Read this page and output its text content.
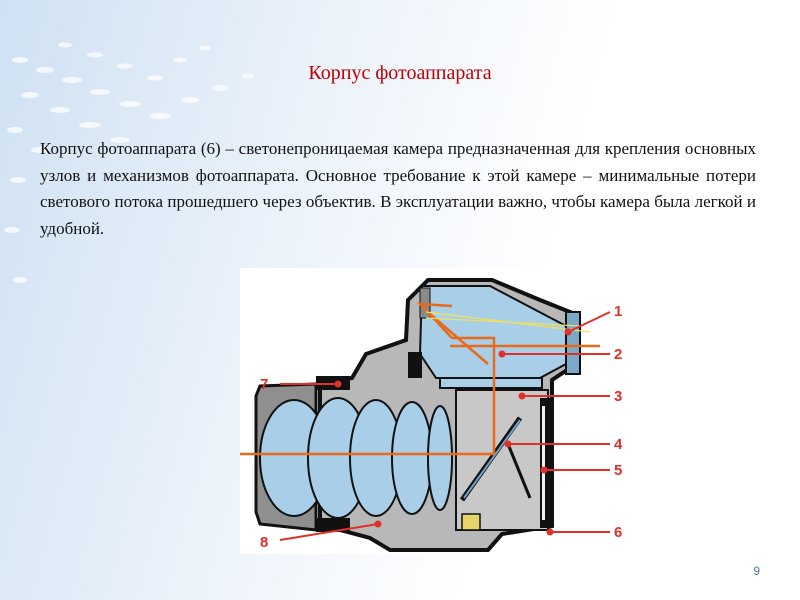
Корпус фотоаппарата
Корпус фотоаппарата (6) – светонепроницаемая камера предназначенная для крепления основных узлов и механизмов фотоаппарата. Основное требование к этой камере – минимальные потери светового потока прошедшего через объектив. В эксплуатации важно, чтобы камера была легкой и удобной.
1
2
3
4
5
6
7
8
9
